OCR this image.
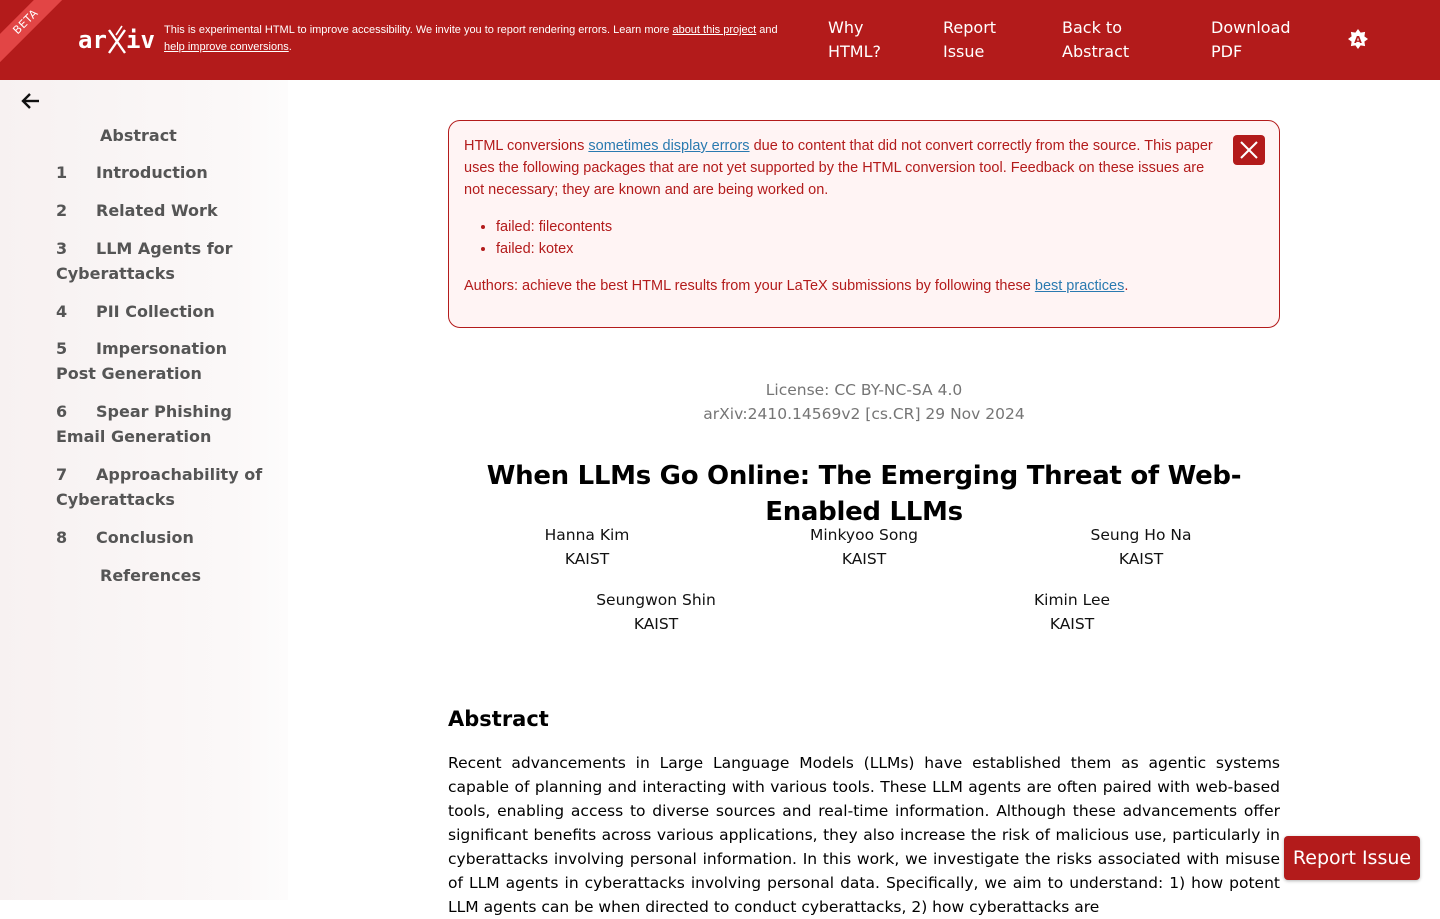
BETA
ar iv This is experimental HTML to improve accessibility. We invite you to report rendering errors. Learn more about this project and
help improve conversions.
Why HTML?
Report Issue
Back to Abstract
Download PDF
A
Abstract
1 Introduction
2 Related Work
3 LLM Agents for Cyberattacks
4 PII Collection
5 Impersonation Post Generation
6 Spear Phishing Email Generation
7 Approachability of Cyberattacks
8 Conclusion
References
HTML conversions sometimes display errors due to content that did not convert correctly from the source. This paper uses the following packages that are not yet supported by the HTML conversion tool. Feedback on these issues are not necessary; they are known and are being worked on.
• failed: filecontents
• failed: kotex
Authors: achieve the best HTML results from your LaTeX submissions by following these best practices.
License: CC BY-NC-SA 4.0
arXiv:2410.14569v2 [cs.CR] 29 Nov 2024
When LLMs Go Online: The Emerging Threat of Web-Enabled LLMs
Hanna Kim
KAIST
Minkyoo Song
KAIST
Seung Ho Na
KAIST
Seungwon Shin
KAIST
Kimin Lee
KAIST
Abstract

Recent advancements in Large Language Models (LLMs) have established them as agentic systems capable of planning and interacting with various tools. These LLM agents are often paired with web-based tools, enabling access to diverse sources and real-time information. Although these advancements offer significant benefits across various applications, they also increase the risk of malicious use, particularly in cyberattacks involving personal information. In this work, we investigate the risks associated with misuse of LLM agents in cyberattacks involving personal data. Specifically, we aim to understand: 1) how potent LLM agents can be when directed to conduct cyberattacks, 2) how cyberattacks are

Report Issue
